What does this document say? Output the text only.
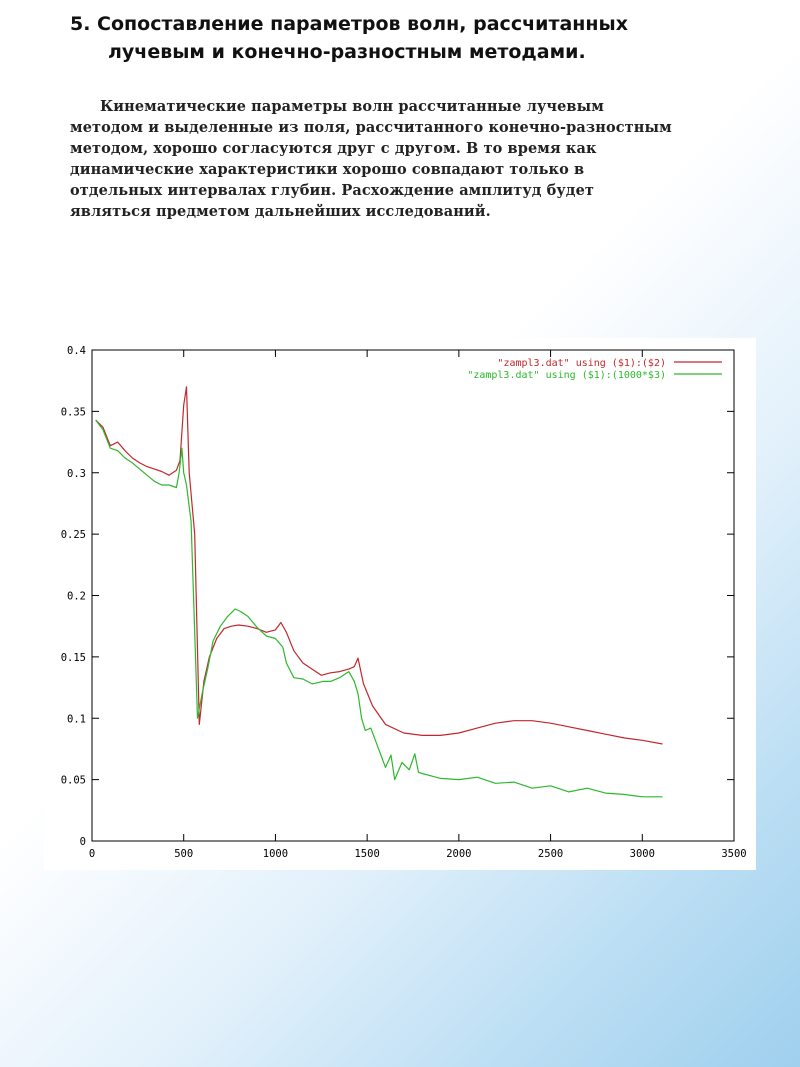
5. Сопоставление параметров волн, рассчитанных
лучевым и конечно-разностным методами.
Кинематические параметры волн рассчитанные лучевым
методом и выделенные из поля, рассчитанного конечно-разностным
методом, хорошо согласуются друг с другом. В то время как
динамические характеристики хорошо совпадают только в
отдельных интервалах глубин. Расхождение амплитуд будет
являться предметом дальнейших исследований.
0	500	1000	1500	2000	2500	3000	3500
0
0.05
0.1
0.15
0.2
0.25
0.3
0.35
0.4
"zampl3.dat" using ($1):($2)
"zampl3.dat" using ($1):(1000*$3)
